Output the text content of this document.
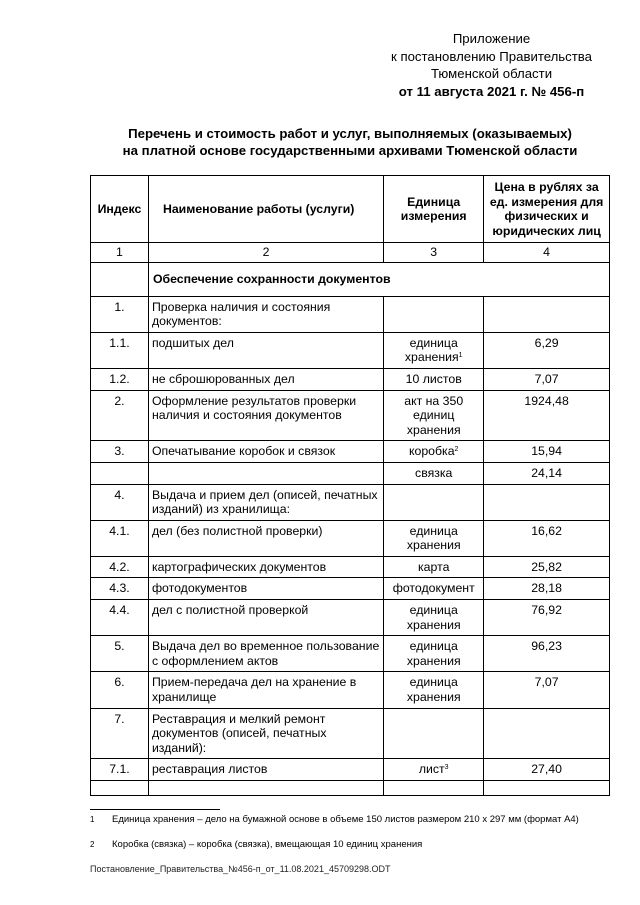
Приложение
к постановлению Правительства
Тюменской области
от 11 августа 2021 г. № 456-п
Перечень и стоимость работ и услуг, выполняемых (оказываемых)
на платной основе государственными архивами Тюменской области
Индекс	Наименование работы (услуги)	Единица измерения	Цена в рублях за ед. измерения для физических и юридических лиц
1	2	3	4
	Обеспечение сохранности документов		
1.	Проверка наличия и состояния документов:		
1.1.	подшитых дел	единица хранения$^1$	6,29
1.2.	не сброшюрованных дел	10 листов	7,07
2.	Оформление результатов проверки наличия и состояния документов	акт на 350 единиц хранения	1924,48
3.	Опечатывание коробок и связок	коробка$^2$	15,94
		связка	24,14
4.	Выдача и прием дел (описей, печатных изданий) из хранилища:		
4.1.	дел (без полистной проверки)	единица хранения	16,62
4.2.	картографических документов	карта	25,82
4.3.	фотодокументов	фотодокумент	28,18
4.4.	дел с полистной проверкой	единица хранения	76,92
5.	Выдача дел во временное пользование с оформлением актов	единица хранения	96,23
6.	Прием-передача дел на хранение в хранилище	единица хранения	7,07
7.	Реставрация и мелкий ремонт документов (описей, печатных изданий):		
7.1.	реставрация листов	лист$^3$	27,40

1	Единица хранения – дело на бумажной основе в объеме 150 листов размером 210 х 297 мм (формат А4)
2	Коробка (связка) – коробка (связка), вмещающая 10 единиц хранения
Постановление_Правительства_№456-п_от_11.08.2021_45709298.ODT
